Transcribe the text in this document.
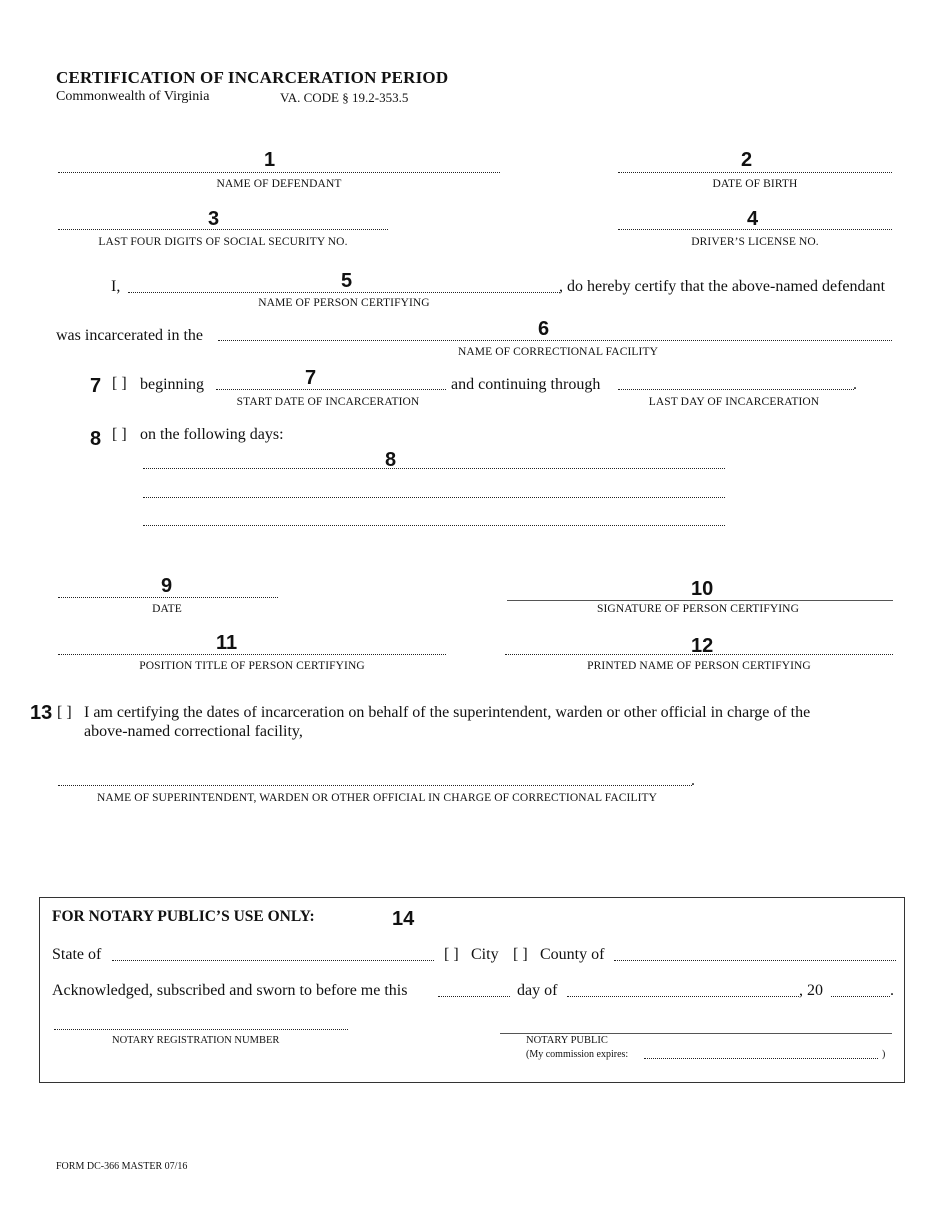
CERTIFICATION OF INCARCERATION PERIOD
Commonwealth of Virginia	VA. CODE § 19.2-353.5
1
NAME OF DEFENDANT
2
DATE OF BIRTH
3
LAST FOUR DIGITS OF SOCIAL SECURITY NO.
4
DRIVER’S LICENSE NO.
I,	5	, do hereby certify that the above-named defendant
NAME OF PERSON CERTIFYING
was incarcerated in the	6
NAME OF CORRECTIONAL FACILITY
7 [ ] beginning	7
START DATE OF INCARCERATION
and continuing through	.
LAST DAY OF INCARCERATION
8 [ ] on the following days:
8
9
DATE
10
SIGNATURE OF PERSON CERTIFYING
11
POSITION TITLE OF PERSON CERTIFYING
12
PRINTED NAME OF PERSON CERTIFYING
13 [ ] I am certifying the dates of incarceration on behalf of the superintendent, warden or other official in charge of the
above-named correctional facility,
.
NAME OF SUPERINTENDENT, WARDEN OR OTHER OFFICIAL IN CHARGE OF CORRECTIONAL FACILITY
FOR NOTARY PUBLIC’S USE ONLY:	14
State of	[ ] City [ ] County of
Acknowledged, subscribed and sworn to before me this	day of	, 20	.
NOTARY REGISTRATION NUMBER	NOTARY PUBLIC
(My commission expires:	)
FORM DC-366 MASTER 07/16
